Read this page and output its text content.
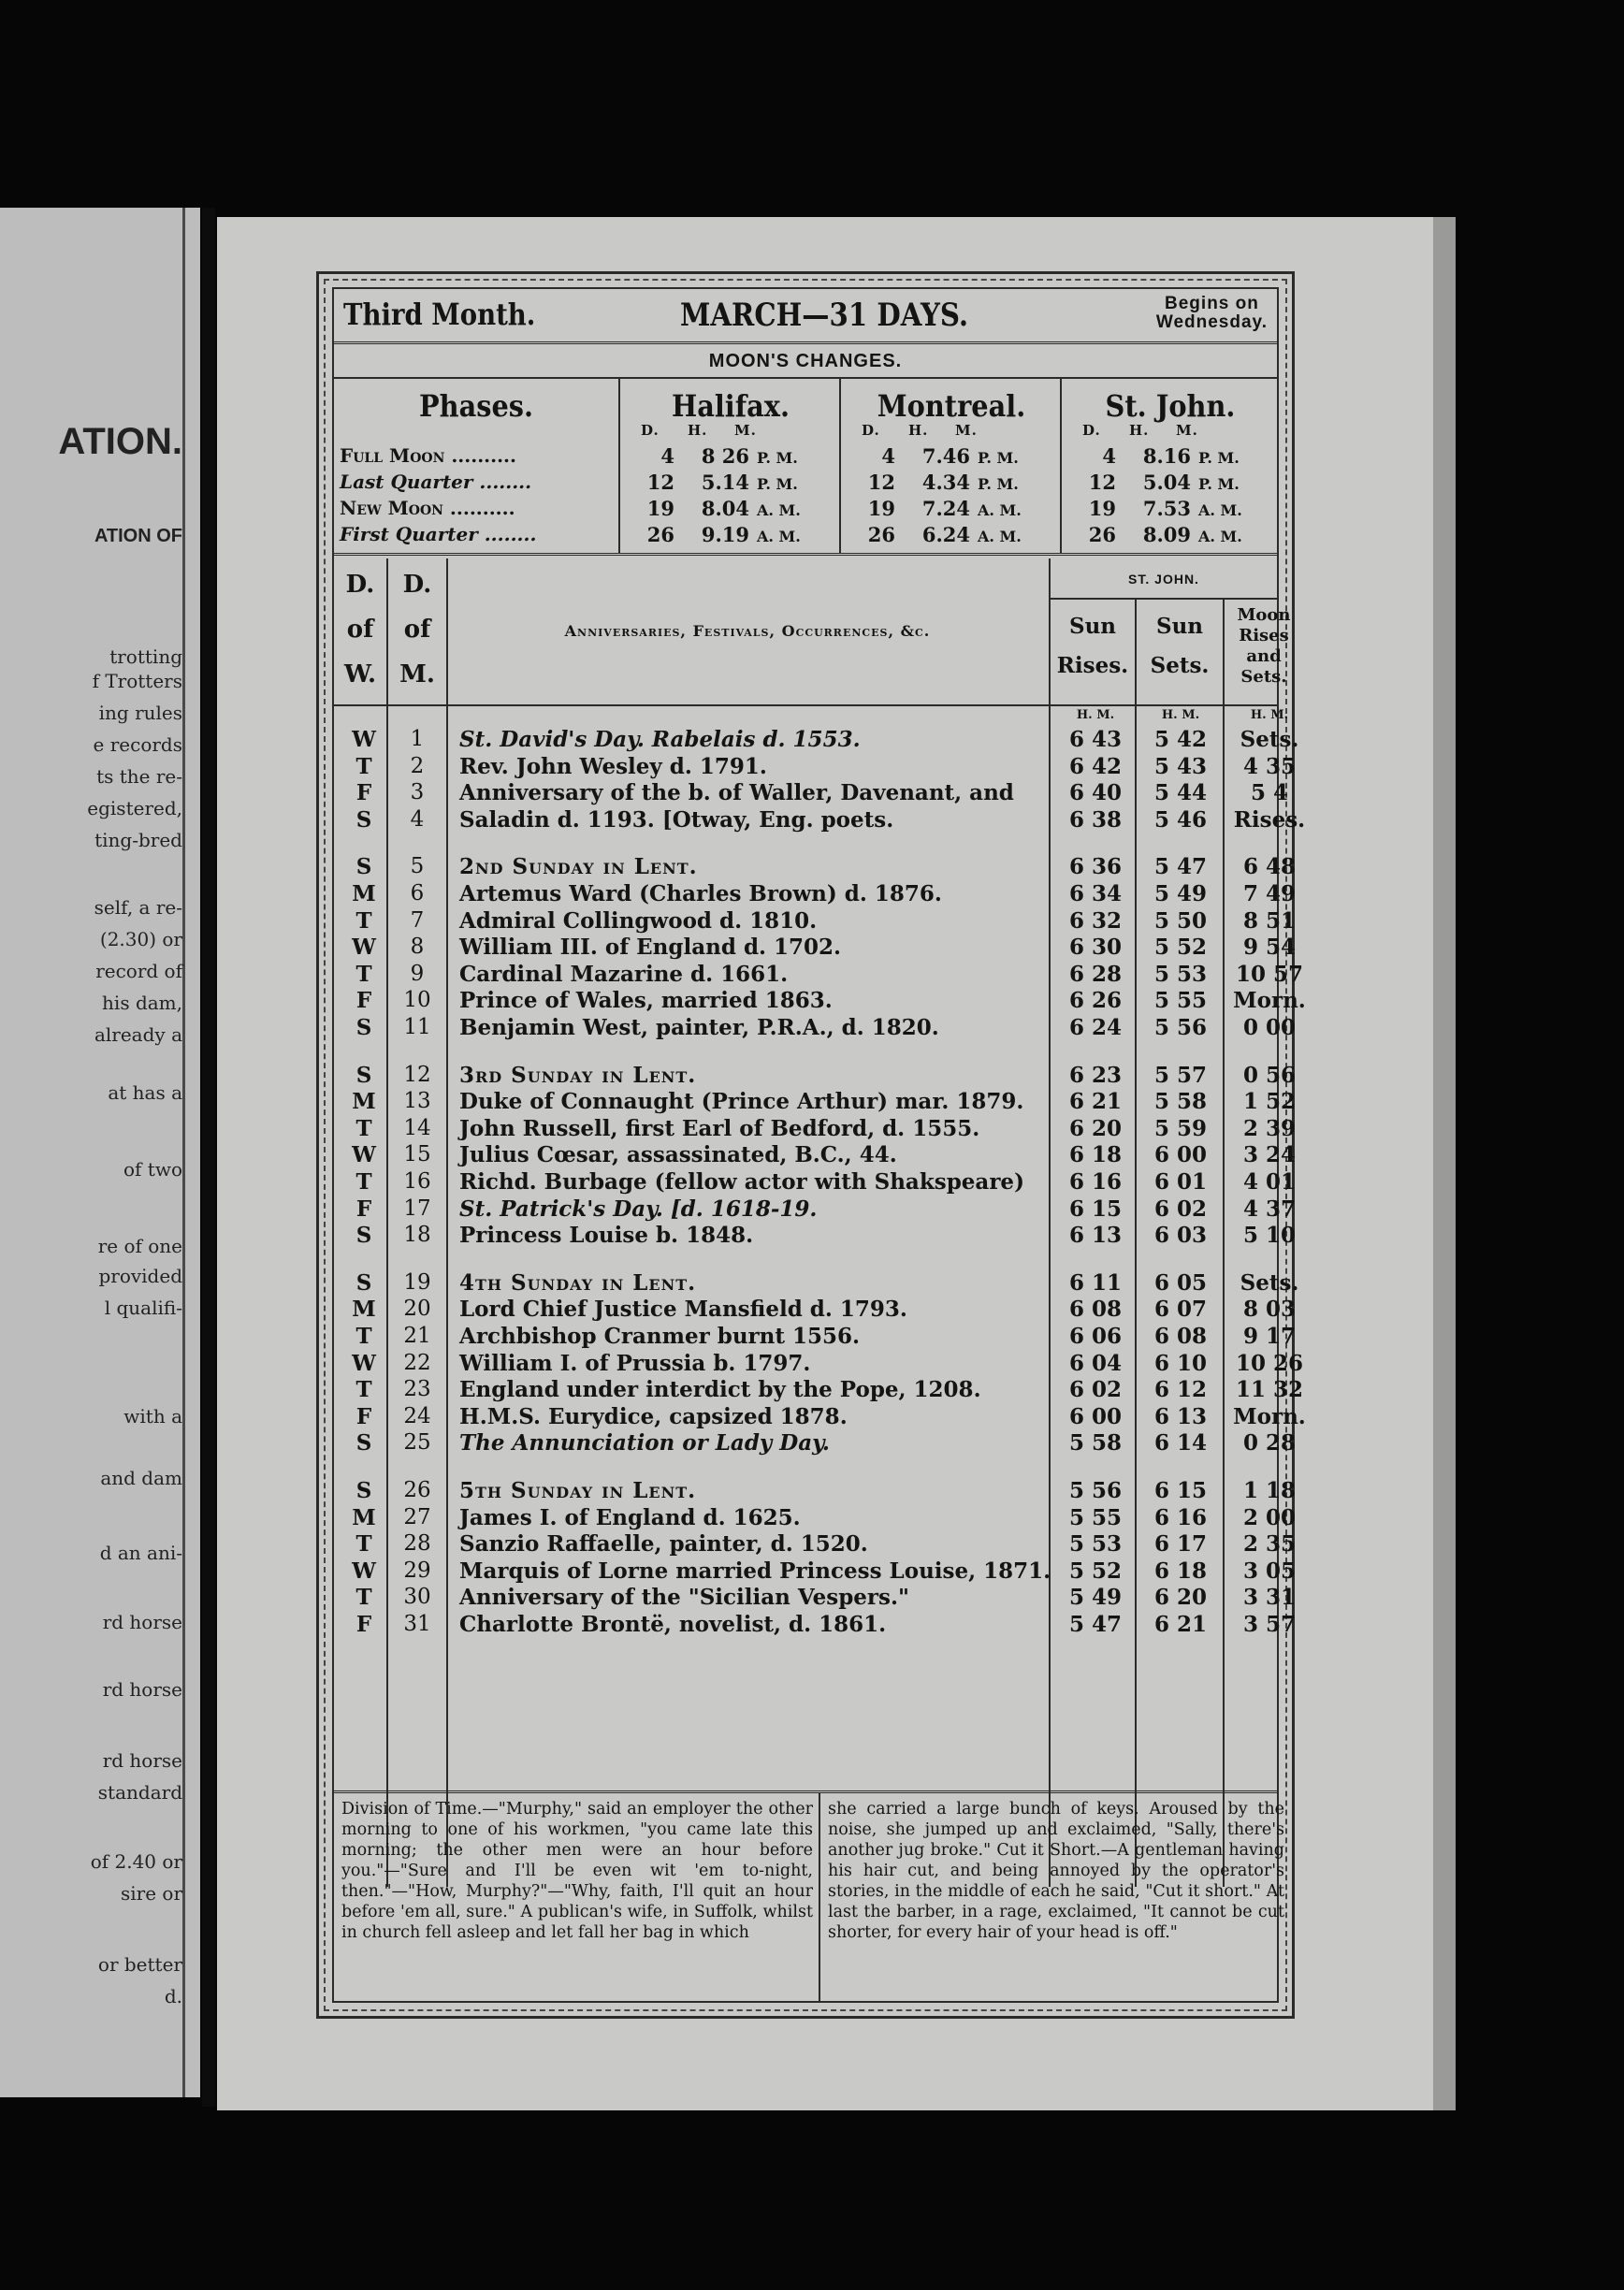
ATION.
ATION OF
trotting
f Trotters
ing rules
e records
ts the re-
egistered,
ting-bred
self, a re-
(2.30) or
record of
his dam,
already a
at has a
of two
re of one
provided
l qualifi-
with a
and dam
d an ani-
rd horse
rd horse
rd horse
standard
of 2.40 or
sire or
or better
d.
Third Month.	MARCH—31 DAYS.	Begins on
Wednesday.
MOON'S CHANGES.
Phases.	Halifax.
D. H. M.
Montreal.
D. H. M.
St. John.
D. H. M.
Full Moon ..........	4 8 26 P. M.	4 7.46 P. M.	4 8.16 P. M.
Last Quarter ........	12 5.14 P. M.	12 4.34 P. M.	12 5.04 P. M.
New Moon ..........	19 8.04 A. M.	19 7.24 A. M.	19 7.53 A. M.
First Quarter ........	26 9.19 A. M.	26 6.24 A. M.	26 8.09 A. M.
D.
of
W.
D.
of
M.
Anniversaries, Festivals, Occurrences, &c.
ST. JOHN.
Sun
Rises.
Sun
Sets.
Moon
Rises
and
Sets.
H. M.	H. M.	H. M.
W	1	St. David's Day. Rabelais d. 1553.	6 43	5 42	Sets.
T	2	Rev. John Wesley d. 1791.	6 42	5 43	4 35
F	3	Anniversary of the b. of Waller, Davenant, and	6 40	5 44	5 4
S	4	Saladin d. 1193. [Otway, Eng. poets.	6 38	5 46	Rises.
S	5	2nd Sunday in Lent.	6 36	5 47	6 48
M	6	Artemus Ward (Charles Brown) d. 1876.	6 34	5 49	7 49
T	7	Admiral Collingwood d. 1810.	6 32	5 50	8 51
W	8	William III. of England d. 1702.	6 30	5 52	9 54
T	9	Cardinal Mazarine d. 1661.	6 28	5 53	10 57
F	10	Prince of Wales, married 1863.	6 26	5 55	Morn.
S	11	Benjamin West, painter, P.R.A., d. 1820.	6 24	5 56	0 00
S	12	3rd Sunday in Lent.	6 23	5 57	0 56
M	13	Duke of Connaught (Prince Arthur) mar. 1879.	6 21	5 58	1 52
T	14	John Russell, first Earl of Bedford, d. 1555.	6 20	5 59	2 39
W	15	Julius Cœsar, assassinated, B.C., 44.	6 18	6 00	3 24
T	16	Richd. Burbage (fellow actor with Shakspeare)	6 16	6 01	4 01
F	17	St. Patrick's Day. [d. 1618-19.	6 15	6 02	4 37
S	18	Princess Louise b. 1848.	6 13	6 03	5 10
S	19	4th Sunday in Lent.	6 11	6 05	Sets.
M	20	Lord Chief Justice Mansfield d. 1793.	6 08	6 07	8 03
T	21	Archbishop Cranmer burnt 1556.	6 06	6 08	9 17
W	22	William I. of Prussia b. 1797.	6 04	6 10	10 26
T	23	England under interdict by the Pope, 1208.	6 02	6 12	11 32
F	24	H.M.S. Eurydice, capsized 1878.	6 00	6 13	Morn.
S	25	The Annunciation or Lady Day.	5 58	6 14	0 28
S	26	5th Sunday in Lent.	5 56	6 15	1 18
M	27	James I. of England d. 1625.	5 55	6 16	2 00
T	28	Sanzio Raffaelle, painter, d. 1520.	5 53	6 17	2 35
W	29	Marquis of Lorne married Princess Louise, 1871. 5 52	6 18	3 05
T	30	Anniversary of the "Sicilian Vespers."	5 49	6 20	3 31
F	31	Charlotte Brontë, novelist, d. 1861.	5 47	6 21	3 57
Division of Time.—"Murphy," said an employer the other morning to one of his workmen, "you came late this morning; the other men were an hour before you."—"Sure and I'll be even wit 'em to-night, then."—"How, Murphy?"—"Why, faith, I'll quit an hour before 'em all, sure." A publican's wife, in Suffolk, whilst in church fell asleep and let fall her bag in which
she carried a large bunch of keys. Aroused by the noise, she jumped up and exclaimed, "Sally, there's another jug broke." Cut it Short.—A gentleman having his hair cut, and being annoyed by the operator's stories, in the middle of each he said, "Cut it short." At last the barber, in a rage, exclaimed, "It cannot be cut shorter, for every hair of your head is off."
